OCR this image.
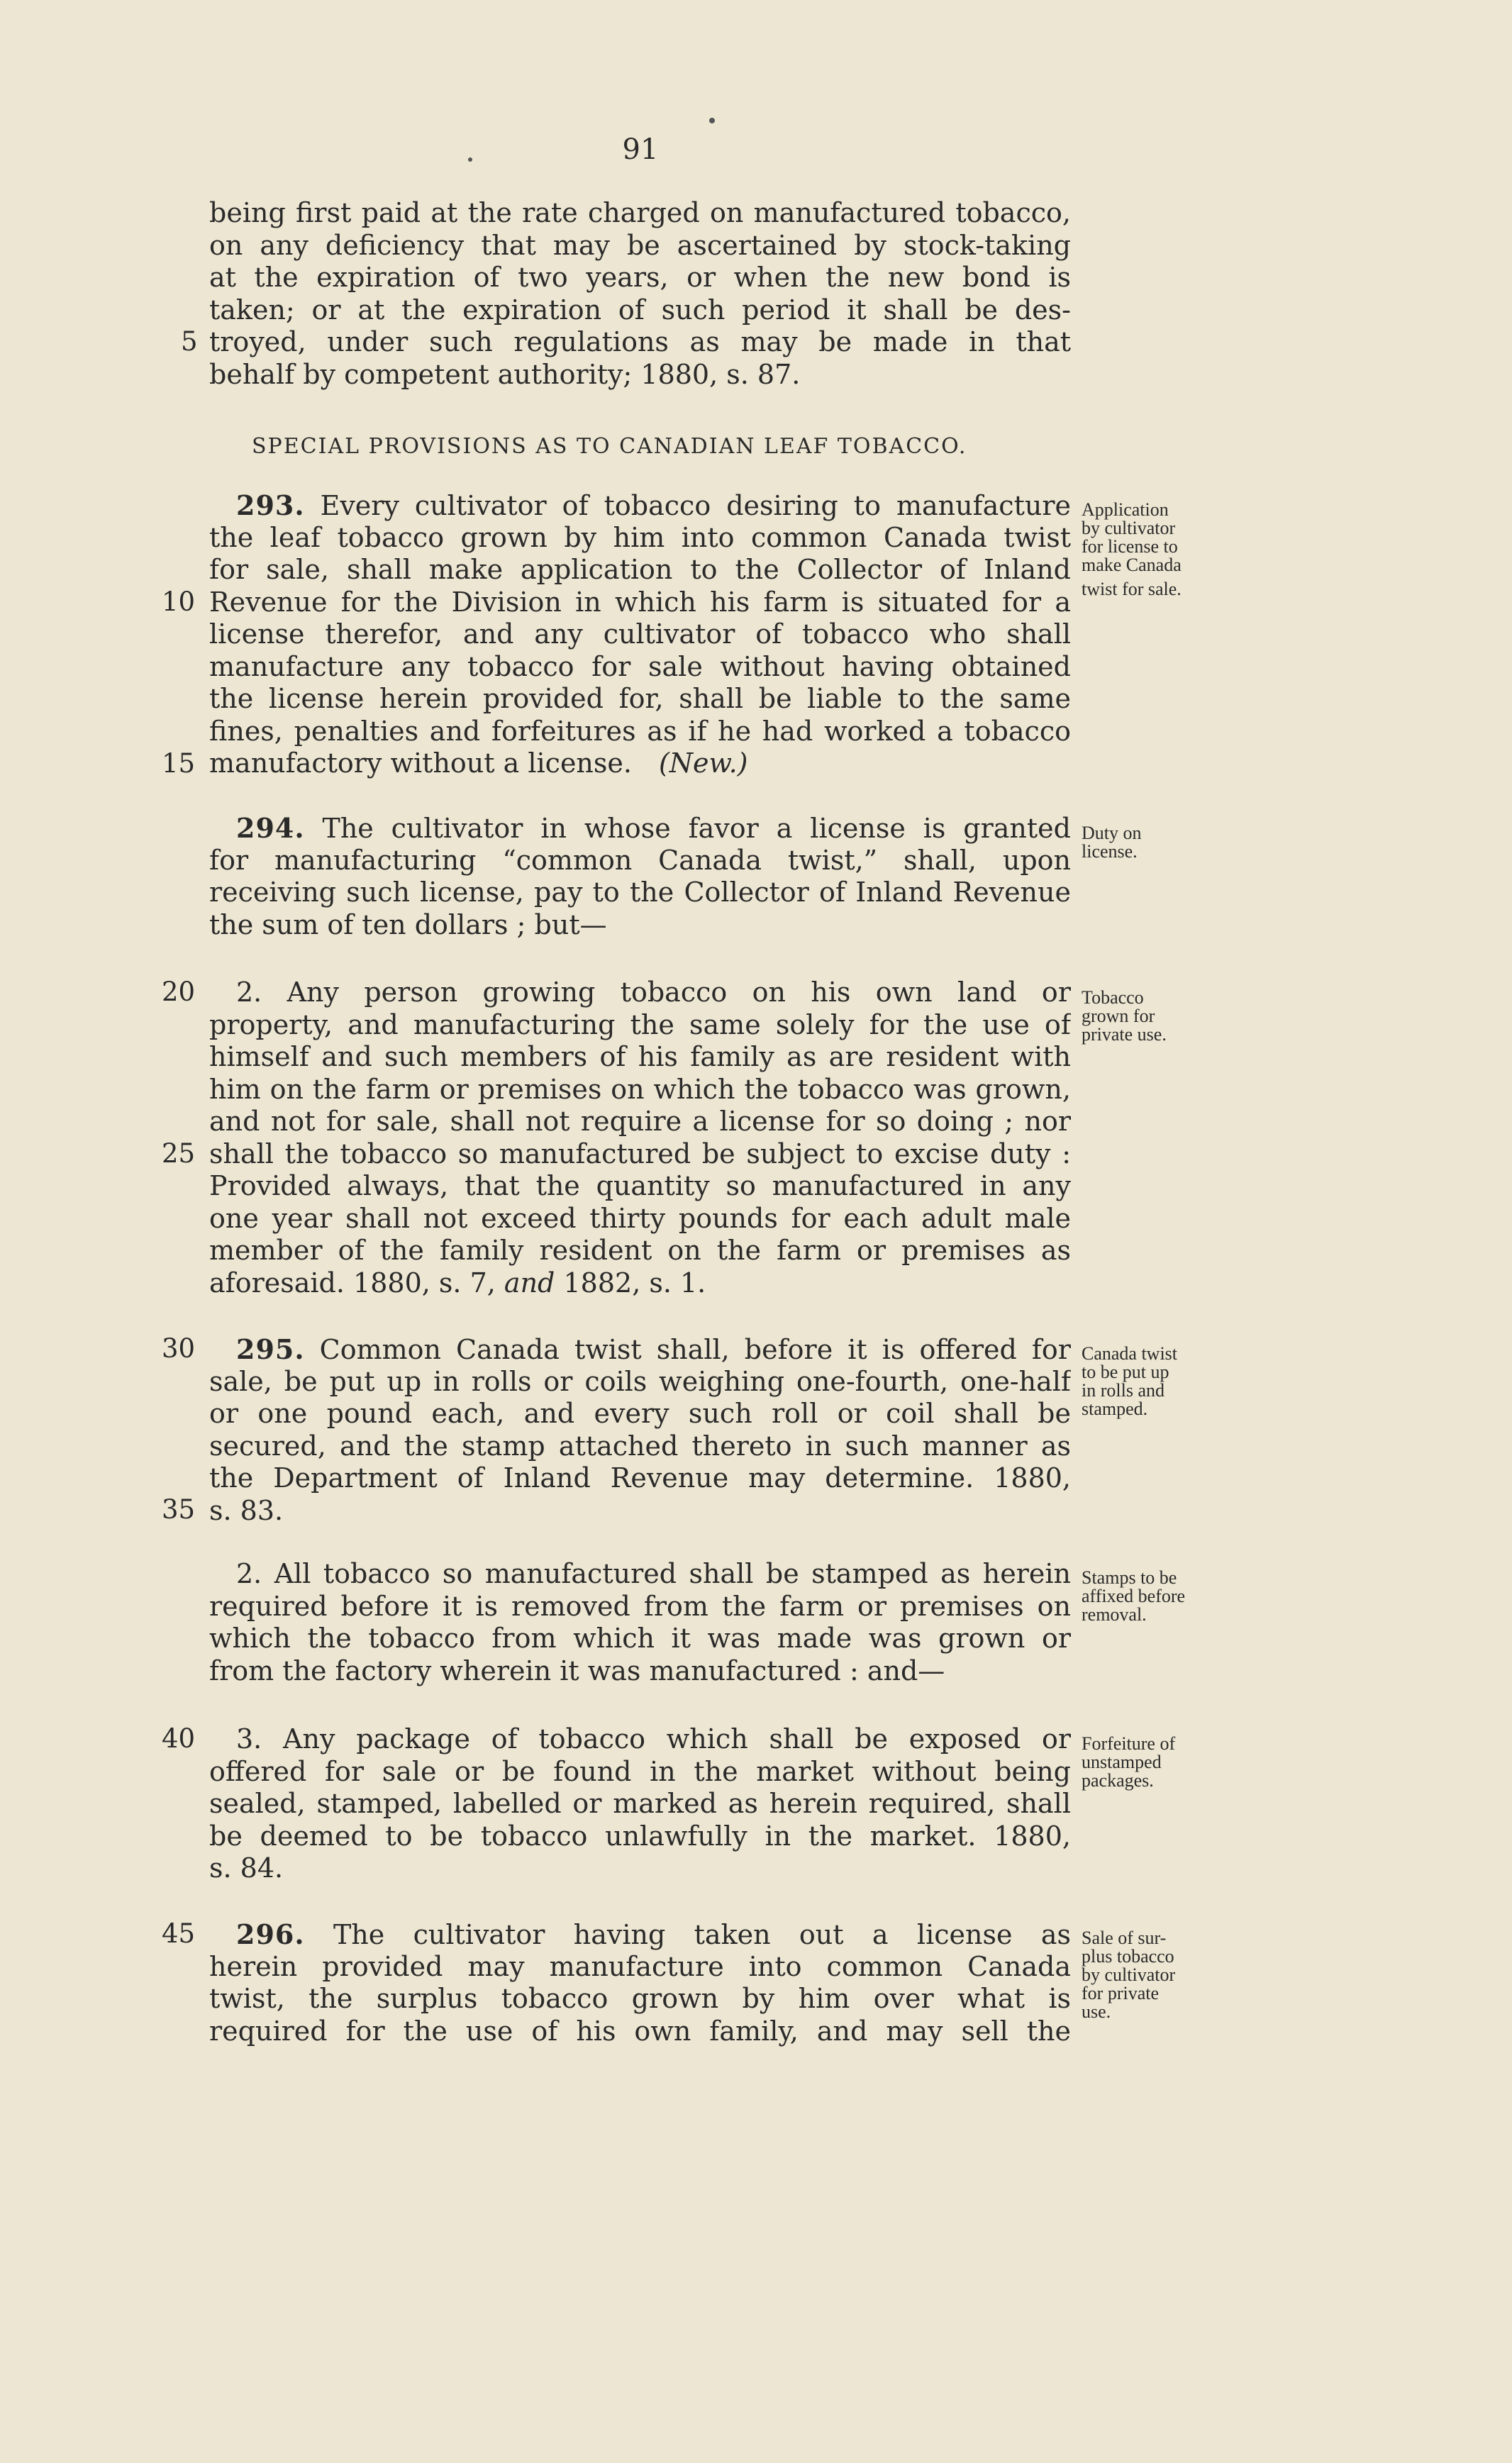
91
being first paid at the rate charged on manufactured tobacco,
on any deficiency that may be ascertained by stock-taking
at the expiration of two years, or when the new bond is
taken; or at the expiration of such period it shall be des-
troyed, under such regulations as may be made in that
behalf by competent authority; 1880, s. 87.
SPECIAL PROVISIONS AS TO CANADIAN LEAF TOBACCO.
 293. Every cultivator of tobacco desiring to manufacture
the leaf tobacco grown by him into common Canada twist
for sale, shall make application to the Collector of Inland
Revenue for the Division in which his farm is situated for a
license therefor, and any cultivator of tobacco who shall
manufacture any tobacco for sale without having obtained
the license herein provided for, shall be liable to the same
fines, penalties and forfeitures as if he had worked a tobacco
manufactory without a license.  (New.)
Application
by cultivator
for license to
make Canada
twist for sale.
 294. The cultivator in whose favor a license is granted
for manufacturing “common Canada twist,” shall, upon
receiving such license, pay to the Collector of Inland Revenue
the sum of ten dollars ; but—
Duty on
license.
 2. Any person growing tobacco on his own land or
property, and manufacturing the same solely for the use of
himself and such members of his family as are resident with
him on the farm or premises on which the tobacco was grown,
and not for sale, shall not require a license for so doing ; nor
shall the tobacco so manufactured be subject to excise duty :
Provided always, that the quantity so manufactured in any
one year shall not exceed thirty pounds for each adult male
member of the family resident on the farm or premises as
aforesaid. 1880, s. 7, and 1882, s. 1.
Tobacco
grown for
private use.
 295. Common Canada twist shall, before it is offered for
sale, be put up in rolls or coils weighing one-fourth, one-half
or one pound each, and every such roll or coil shall be
secured, and the stamp attached thereto in such manner as
the Department of Inland Revenue may determine. 1880,
s. 83.
Canada twist
to be put up
in rolls and
stamped.
 2. All tobacco so manufactured shall be stamped as herein
required before it is removed from the farm or premises on
which the tobacco from which it was made was grown or
from the factory wherein it was manufactured : and—
Stamps to be
affixed before
removal.
 3. Any package of tobacco which shall be exposed or
offered for sale or be found in the market without being
sealed, stamped, labelled or marked as herein required, shall
be deemed to be tobacco unlawfully in the market. 1880,
s. 84.
Forfeiture of
unstamped
packages.
 296. The cultivator having taken out a license as
herein provided may manufacture into common Canada
twist, the surplus tobacco grown by him over what is
required for the use of his own family, and may sell the
Sale of sur-
plus tobacco
by cultivator
for private
use.
5
10
15
20
25
30
35
40
45
